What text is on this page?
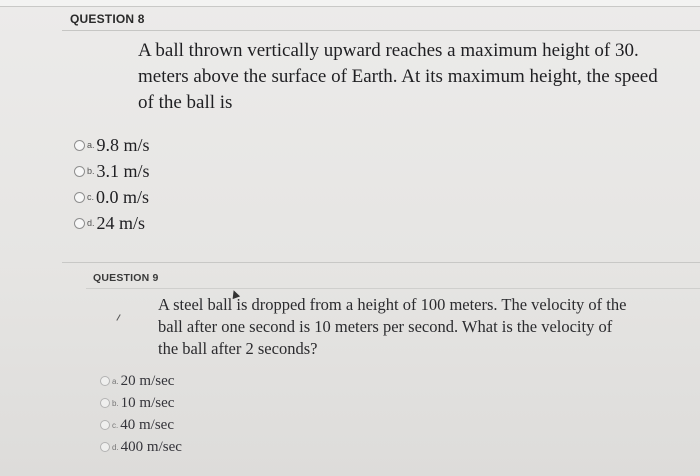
QUESTION 8
A ball thrown vertically upward reaches a maximum height of 30. meters above the surface of Earth. At its maximum height, the speed of the ball is
a. 9.8 m/s
b. 3.1 m/s
c. 0.0 m/s
d. 24 m/s
QUESTION 9
A steel ball is dropped from a height of 100 meters. The velocity of the ball after one second is 10 meters per second. What is the velocity of the ball after 2 seconds?
a. 20 m/sec
b. 10 m/sec
c. 40 m/sec
d. 400 m/sec
